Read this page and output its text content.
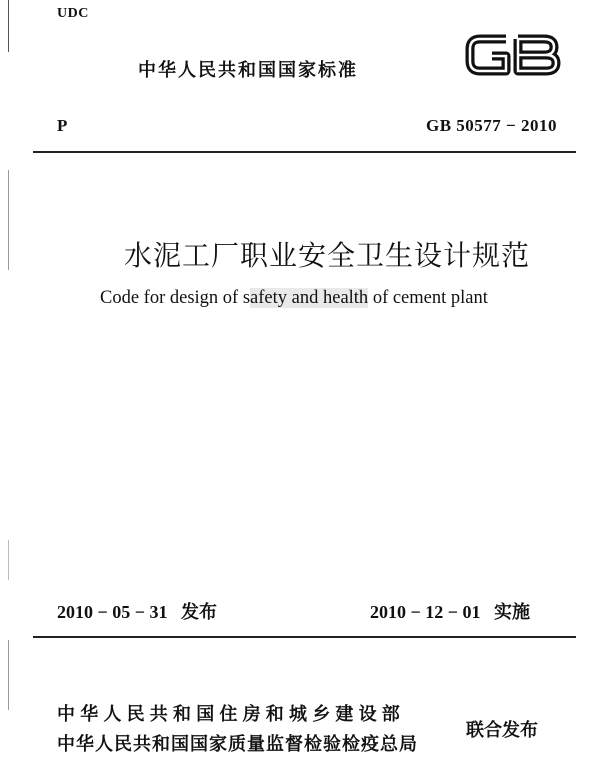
UDC
中华人民共和国国家标准
P	GB 50577 − 2010
水泥工厂职业安全卫生设计规范
Code for design of safety and health of cement plant
2010 − 05 − 31   发布	2010 − 12 − 01   实施
中华人民共和国住房和城乡建设部
中华人民共和国国家质量监督检验检疫总局
联合发布
